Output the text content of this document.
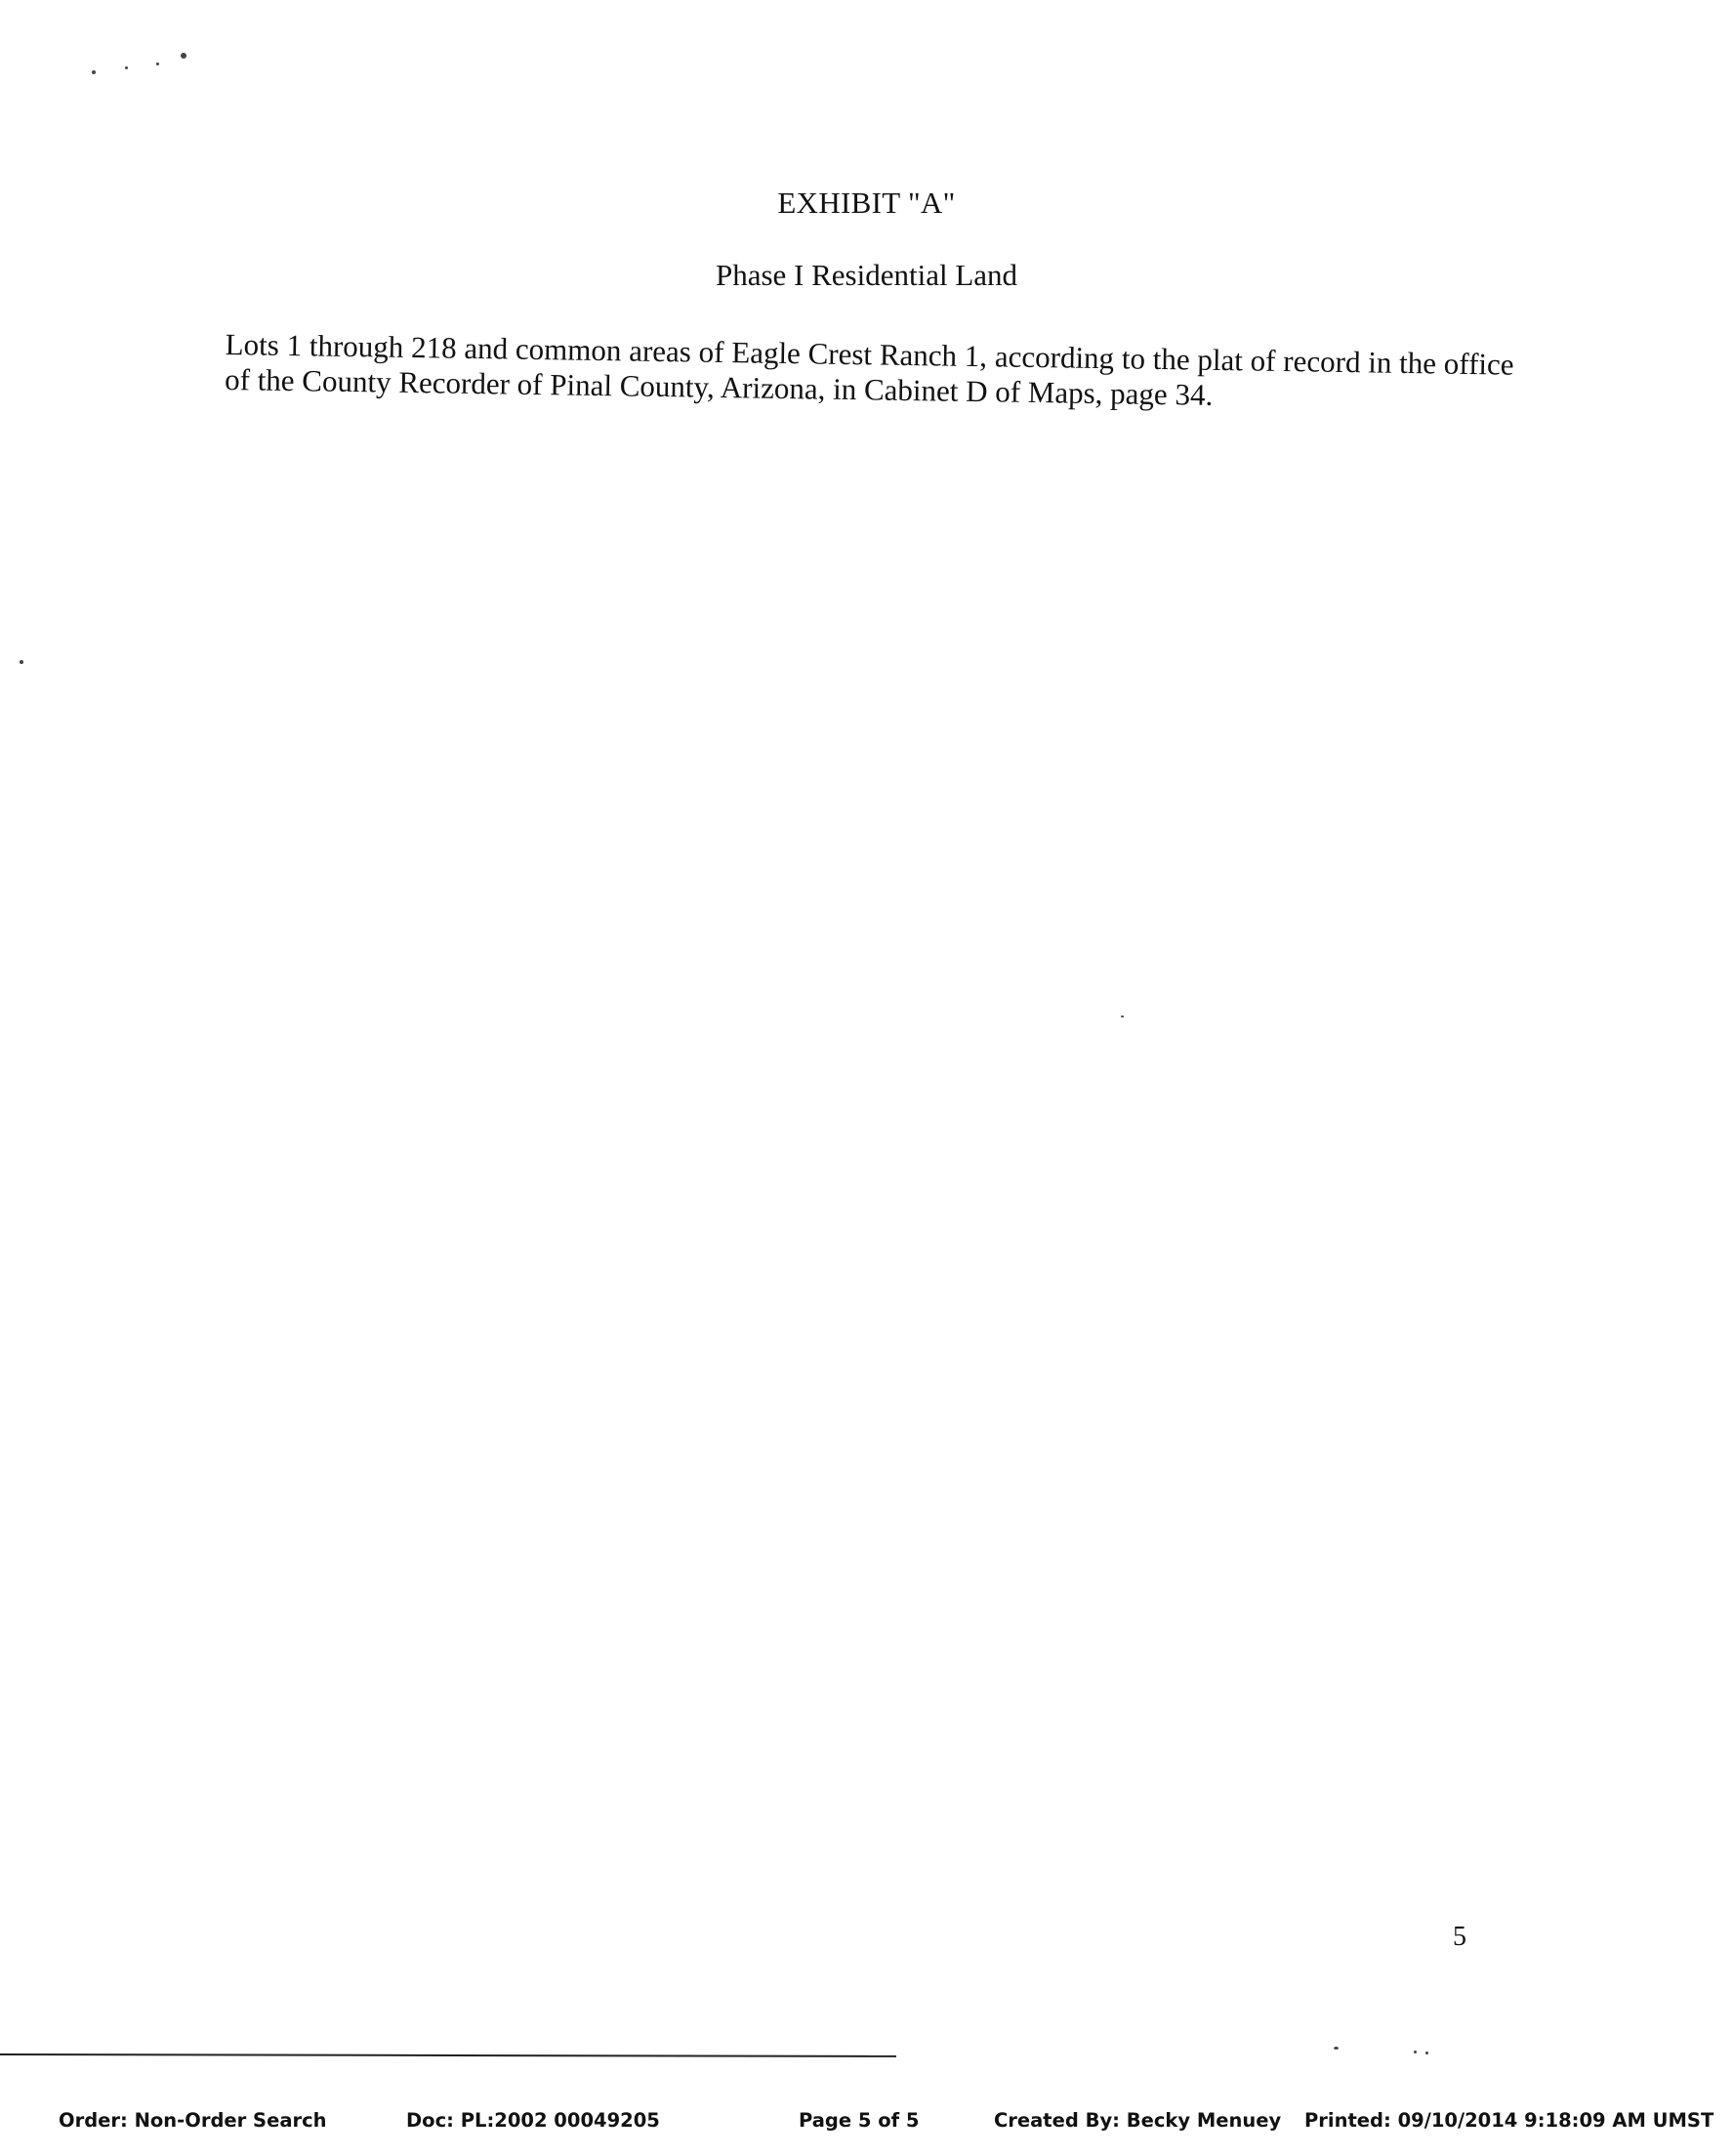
EXHIBIT "A"
Phase I Residential Land
Lots 1 through 218 and common areas of Eagle Crest Ranch 1, according to the plat of record in the office of the County Recorder of Pinal County, Arizona, in Cabinet D of Maps, page 34.
5
Order: Non-Order Search	Doc: PL:2002 00049205	Page 5 of 5	Created By: Becky Menuey Printed: 09/10/2014 9:18:09 AM UMST
